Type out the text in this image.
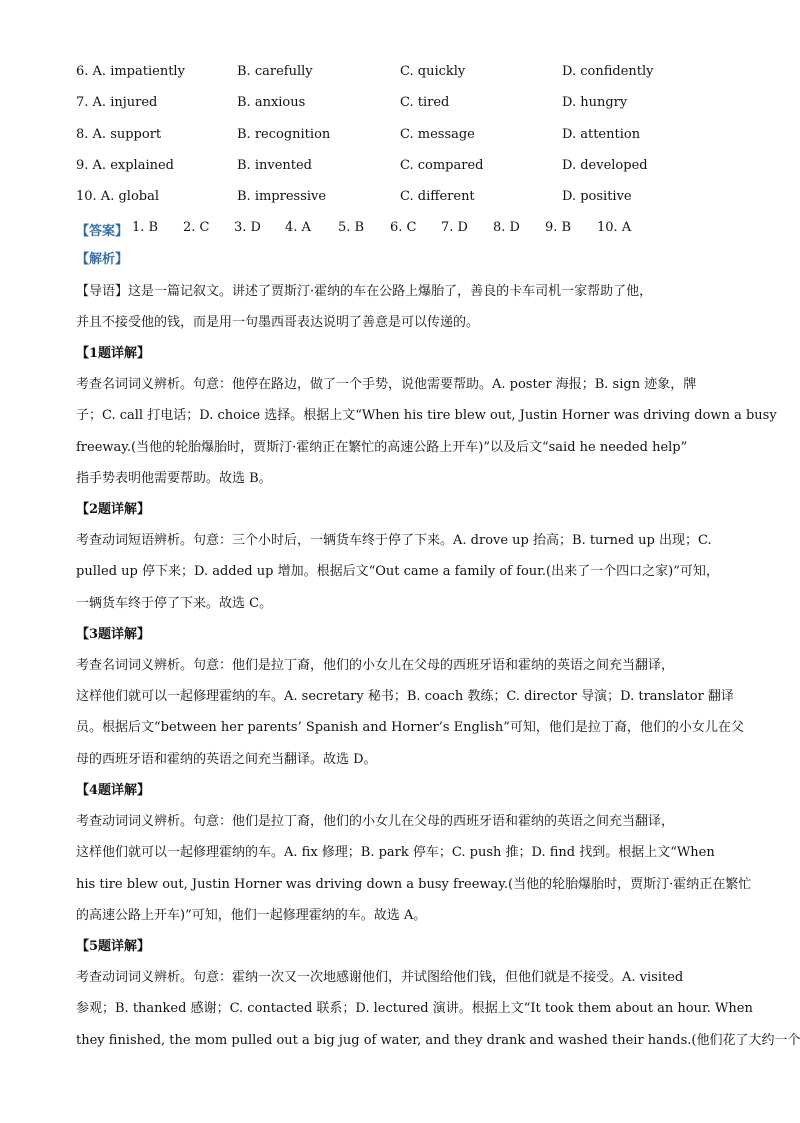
6. A. impatiently	B. carefully	C. quickly	D. confidently
7. A. injured	B. anxious	C. tired	D. hungry
8. A. support	B. recognition	C. message	D. attention
9. A. explained	B. invented	C. compared	D. developed
10. A. global	B. impressive	C. different	D. positive
【答案】 1. B 2. C 3. D 4. A 5. B 6. C 7. D 8. D 9. B 10. A
【解析】
【导语】这是一篇记叙文。讲述了贾斯汀·霍纳的车在公路上爆胎了，善良的卡车司机一家帮助了他，
并且不接受他的钱，而是用一句墨西哥表达说明了善意是可以传递的。
【1题详解】
考查名词词义辨析。句意：他停在路边，做了一个手势，说他需要帮助。A. poster 海报；B. sign 迹象，牌
子；C. call 打电话；D. choice 选择。根据上文“When his tire blew out, Justin Horner was driving down a busy
freeway.(当他的轮胎爆胎时，贾斯汀·霍纳正在繁忙的高速公路上开车)”以及后文“said he needed help”
指手势表明他需要帮助。故选 B。
【2题详解】
考查动词短语辨析。句意：三个小时后，一辆货车终于停了下来。A. drove up 抬高；B. turned up 出现；C.
pulled up 停下来；D. added up 增加。根据后文“Out came a family of four.(出来了一个四口之家)”可知，
一辆货车终于停了下来。故选 C。
【3题详解】
考查名词词义辨析。句意：他们是拉丁裔，他们的小女儿在父母的西班牙语和霍纳的英语之间充当翻译，
这样他们就可以一起修理霍纳的车。A. secretary 秘书；B. coach 教练；C. director 导演；D. translator 翻译
员。根据后文“between her parents’ Spanish and Horner’s English”可知，他们是拉丁裔，他们的小女儿在父
母的西班牙语和霍纳的英语之间充当翻译。故选 D。
【4题详解】
考查动词词义辨析。句意：他们是拉丁裔，他们的小女儿在父母的西班牙语和霍纳的英语之间充当翻译，
这样他们就可以一起修理霍纳的车。A. fix 修理；B. park 停车；C. push 推；D. find 找到。根据上文“When
his tire blew out, Justin Horner was driving down a busy freeway.(当他的轮胎爆胎时，贾斯汀·霍纳正在繁忙
的高速公路上开车)”可知，他们一起修理霍纳的车。故选 A。
【5题详解】
考查动词词义辨析。句意：霍纳一次又一次地感谢他们，并试图给他们钱，但他们就是不接受。A. visited
参观；B. thanked 感谢；C. contacted 联系；D. lectured 演讲。根据上文“It took them about an hour. When
they finished, the mom pulled out a big jug of water, and they drank and washed their hands.(他们花了大约一个
